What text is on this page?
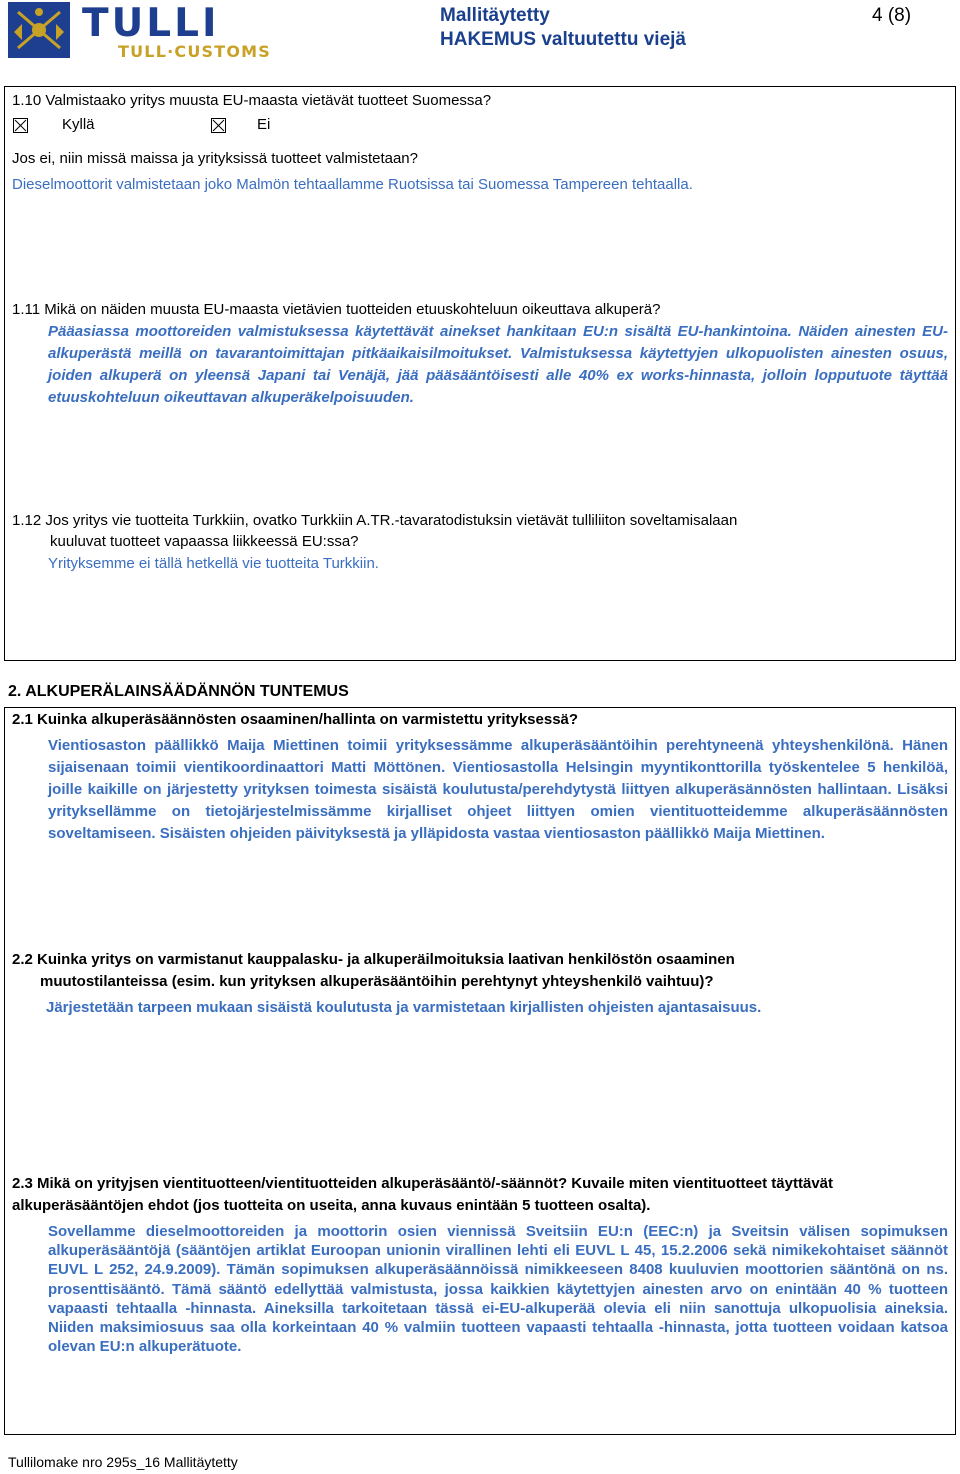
TULLI
TULL·CUSTOMS
Mallitäytetty
HAKEMUS valtuutettu viejä
4 (8)
1.10 Valmistaako yritys muusta EU-maasta vietävät tuotteet Suomessa?
Kyllä	Ei
Jos ei, niin missä maissa ja yrityksissä tuotteet valmistetaan?
Dieselmoottorit valmistetaan joko Malmön tehtaallamme Ruotsissa tai Suomessa Tampereen tehtaalla.
1.11 Mikä on näiden muusta EU-maasta vietävien tuotteiden etuuskohteluun oikeuttava alkuperä?
Pääasiassa moottoreiden valmistuksessa käytettävät ainekset hankitaan EU:n sisältä EU-hankintoina. Näiden ainesten EU-alkuperästä meillä on tavarantoimittajan pitkäaikaisilmoitukset. Valmistuksessa käytettyjen ulkopuolisten ainesten osuus, joiden alkuperä on yleensä Japani tai Venäjä, jää pääsääntöisesti alle 40% ex works-hinnasta, jolloin lopputuote täyttää etuuskohteluun oikeuttavan alkuperäkelpoisuuden.
1.12 Jos yritys vie tuotteita Turkkiin, ovatko Turkkiin A.TR.-tavaratodistuksin vietävät tulliliiton soveltamisalaan
kuuluvat tuotteet vapaassa liikkeessä EU:ssa?
Yrityksemme ei tällä hetkellä vie tuotteita Turkkiin.
2. ALKUPERÄLAINSÄÄDÄNNÖN TUNTEMUS
2.1 Kuinka alkuperäsäännösten osaaminen/hallinta on varmistettu yrityksessä?
Vientiosaston päällikkö Maija Miettinen toimii yrityksessämme alkuperäsääntöihin perehtyneenä yhteyshenkilönä. Hänen sijaisenaan toimii vientikoordinaattori Matti Möttönen. Vientiosastolla Helsingin myyntikonttorilla työskentelee 5 henkilöä, joille kaikille on järjestetty yrityksen toimesta sisäistä koulutusta/perehdytystä liittyen alkuperäsännösten hallintaan. Lisäksi yrityksellämme on tietojärjestelmissämme kirjalliset ohjeet liittyen omien vientituotteidemme alkuperäsäännösten soveltamiseen. Sisäisten ohjeiden päivityksestä ja ylläpidosta vastaa vientiosaston päällikkö Maija Miettinen.
2.2 Kuinka yritys on varmistanut kauppalasku- ja alkuperäilmoituksia laativan henkilöstön osaaminen
muutostilanteissa (esim. kun yrityksen alkuperäsääntöihin perehtynyt yhteyshenkilö vaihtuu)?
Järjestetään tarpeen mukaan sisäistä koulutusta ja varmistetaan kirjallisten ohjeisten ajantasaisuus.
2.3 Mikä on yrityjsen vientituotteen/vientituotteiden alkuperäsääntö/-säännöt? Kuvaile miten vientituotteet täyttävät alkuperäsääntöjen ehdot (jos tuotteita on useita, anna kuvaus enintään 5 tuotteen osalta).
Sovellamme dieselmoottoreiden ja moottorin osien viennissä Sveitsiin EU:n (EEC:n) ja Sveitsin välisen sopimuksen alkuperäsääntöjä (sääntöjen artiklat Euroopan unionin virallinen lehti eli EUVL L 45, 15.2.2006 sekä nimikekohtaiset säännöt EUVL L 252, 24.9.2009). Tämän sopimuksen alkuperäsäännöissä nimikkeeseen 8408 kuuluvien moottorien sääntönä on ns. prosenttisääntö. Tämä sääntö edellyttää valmistusta, jossa kaikkien käytettyjen ainesten arvo on enintään 40 % tuotteen vapaasti tehtaalla -hinnasta. Aineksilla tarkoitetaan tässä ei-EU-alkuperää olevia eli niin sanottuja ulkopuolisia aineksia. Niiden maksimiosuus saa olla korkeintaan 40 % valmiin tuotteen vapaasti tehtaalla -hinnasta, jotta tuotteen voidaan katsoa olevan EU:n alkuperätuote.
Tullilomake nro 295s_16 Mallitäytetty
